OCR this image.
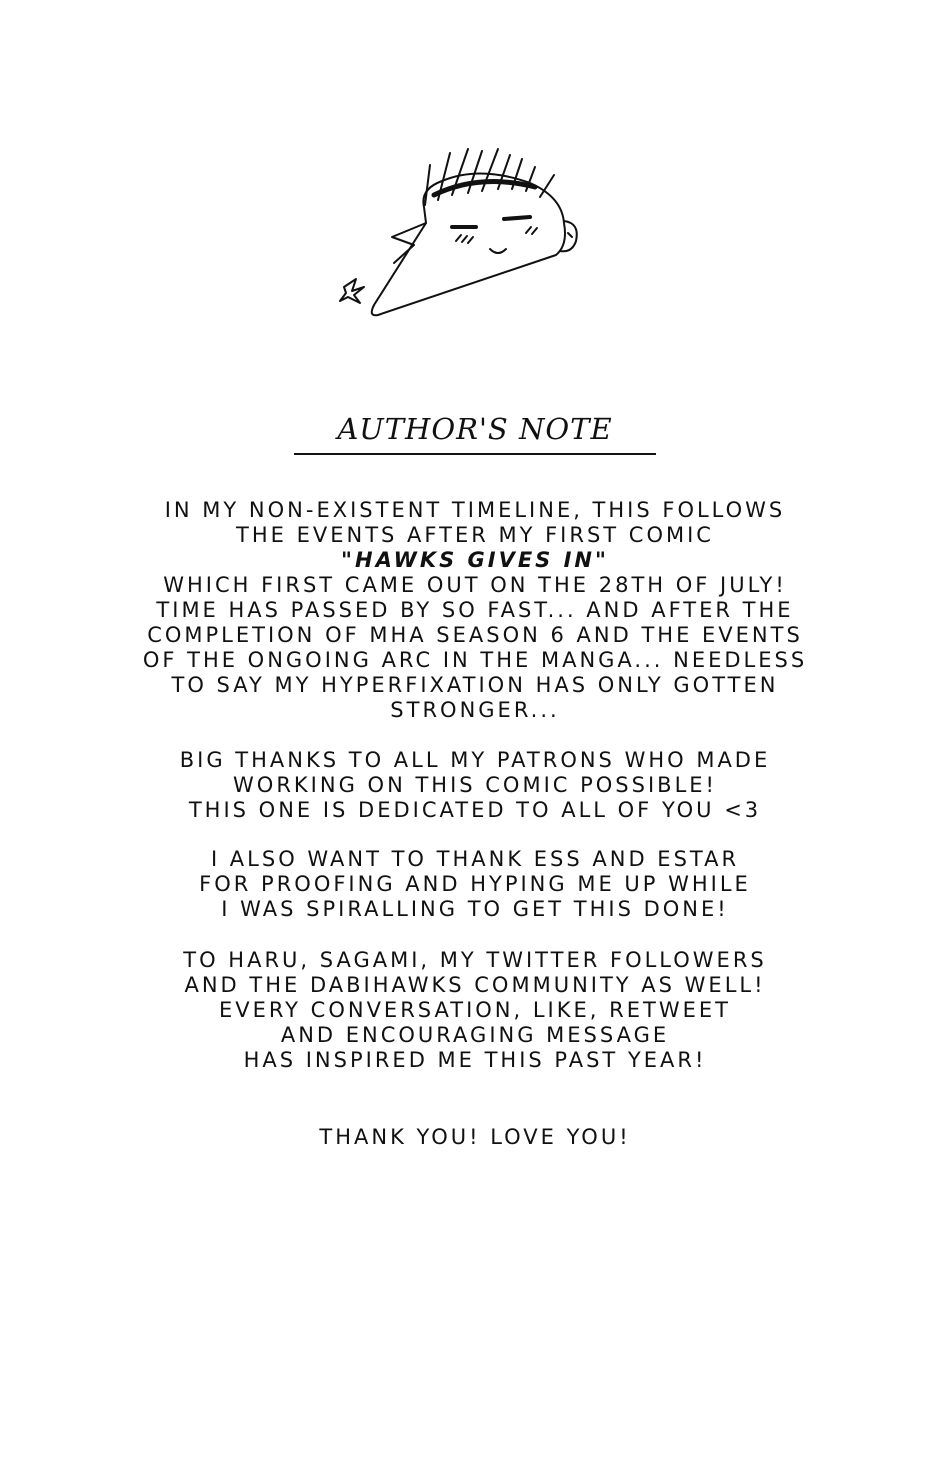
AUTHOR'S NOTE
IN MY NON-EXISTENT TIMELINE, THIS FOLLOWS
THE EVENTS AFTER MY FIRST COMIC
"HAWKS GIVES IN"
WHICH FIRST CAME OUT ON THE 28TH OF JULY!
TIME HAS PASSED BY SO FAST... AND AFTER THE
COMPLETION OF MHA SEASON 6 AND THE EVENTS
OF THE ONGOING ARC IN THE MANGA... NEEDLESS
TO SAY MY HYPERFIXATION HAS ONLY GOTTEN
STRONGER...
BIG THANKS TO ALL MY PATRONS WHO MADE
WORKING ON THIS COMIC POSSIBLE!
THIS ONE IS DEDICATED TO ALL OF YOU <3
I ALSO WANT TO THANK ESS AND ESTAR
FOR PROOFING AND HYPING ME UP WHILE
I WAS SPIRALLING TO GET THIS DONE!
TO HARU, SAGAMI, MY TWITTER FOLLOWERS
AND THE DABIHAWKS COMMUNITY AS WELL!
EVERY CONVERSATION, LIKE, RETWEET
AND ENCOURAGING MESSAGE
HAS INSPIRED ME THIS PAST YEAR!
THANK YOU! LOVE YOU!
